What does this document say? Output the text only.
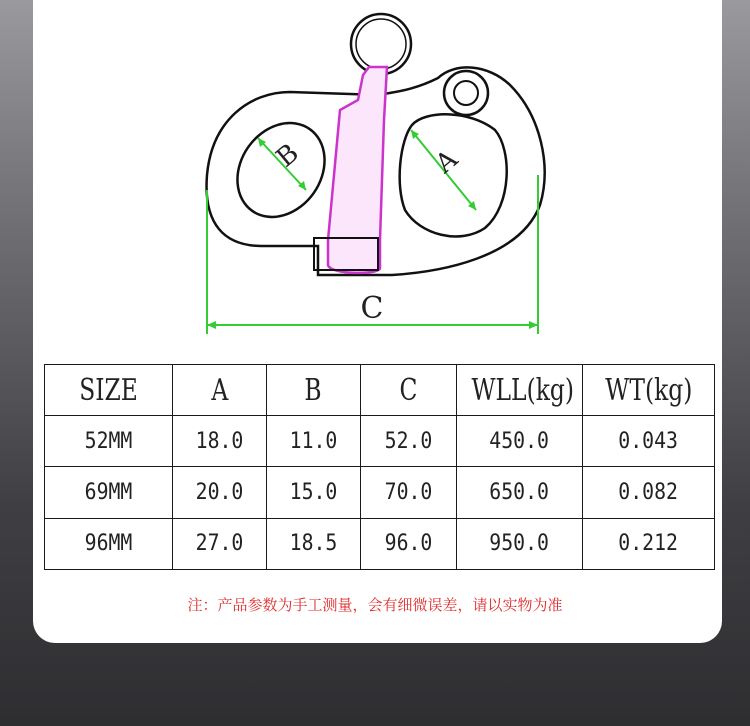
B	A
C
SIZE	A	B	C	WLL(kg)	WT(kg)
52MM	18.0	11.0	52.0	450.0	0.043
69MM	20.0	15.0	70.0	650.0	0.082
96MM	27.0	18.5	96.0	950.0	0.212
注：产品参数为手工测量，会有细微误差，请以实物为准
